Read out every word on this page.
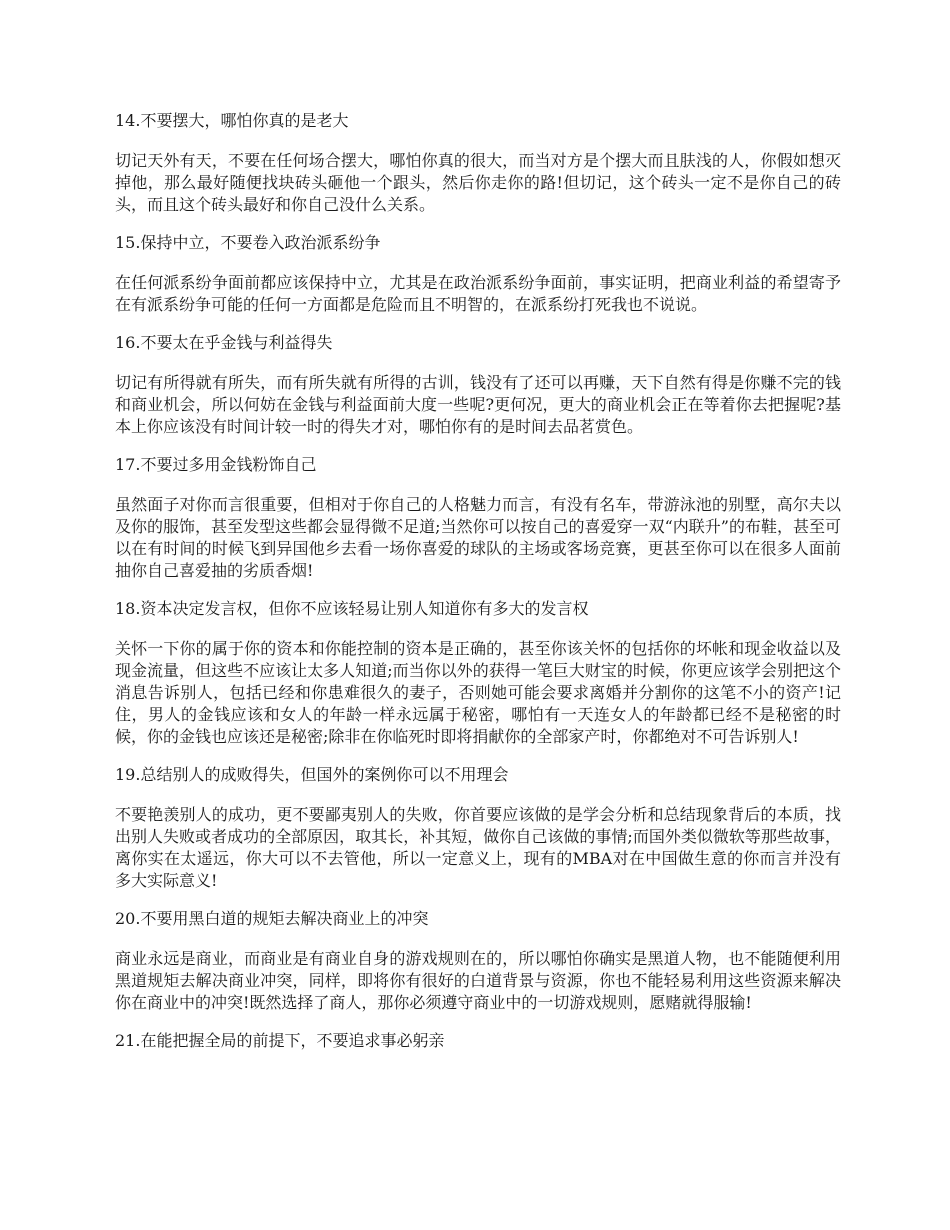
14.不要摆大，哪怕你真的是老大

切记天外有天，不要在任何场合摆大，哪怕你真的很大，而当对方是个摆大而且肤浅的人，你假如想灭掉他，那么最好随便找块砖头砸他一个跟头，然后你走你的路!但切记，这个砖头一定不是你自己的砖头，而且这个砖头最好和你自己没什么关系。

15.保持中立，不要卷入政治派系纷争

在任何派系纷争面前都应该保持中立，尤其是在政治派系纷争面前，事实证明，把商业利益的希望寄予在有派系纷争可能的任何一方面都是危险而且不明智的，在派系纷打死我也不说说。

16.不要太在乎金钱与利益得失

切记有所得就有所失，而有所失就有所得的古训，钱没有了还可以再赚，天下自然有得是你赚不完的钱和商业机会，所以何妨在金钱与利益面前大度一些呢?更何况，更大的商业机会正在等着你去把握呢?基本上你应该没有时间计较一时的得失才对，哪怕你有的是时间去品茗赏色。

17.不要过多用金钱粉饰自己

虽然面子对你而言很重要，但相对于你自己的人格魅力而言，有没有名车，带游泳池的别墅，高尔夫以及你的服饰，甚至发型这些都会显得微不足道;当然你可以按自己的喜爱穿一双“内联升”的布鞋，甚至可以在有时间的时候飞到异国他乡去看一场你喜爱的球队的主场或客场竞赛，更甚至你可以在很多人面前抽你自己喜爱抽的劣质香烟!

18.资本决定发言权，但你不应该轻易让别人知道你有多大的发言权

关怀一下你的属于你的资本和你能控制的资本是正确的，甚至你该关怀的包括你的坏帐和现金收益以及现金流量，但这些不应该让太多人知道;而当你以外的获得一笔巨大财宝的时候，你更应该学会别把这个消息告诉别人，包括已经和你患难很久的妻子，否则她可能会要求离婚并分割你的这笔不小的资产!记住，男人的金钱应该和女人的年龄一样永远属于秘密，哪怕有一天连女人的年龄都已经不是秘密的时候，你的金钱也应该还是秘密;除非在你临死时即将捐献你的全部家产时，你都绝对不可告诉别人!

19.总结别人的成败得失，但国外的案例你可以不用理会

不要艳羡别人的成功，更不要鄙夷别人的失败，你首要应该做的是学会分析和总结现象背后的本质，找出别人失败或者成功的全部原因，取其长，补其短，做你自己该做的事情;而国外类似微软等那些故事，离你实在太遥远，你大可以不去管他，所以一定意义上，现有的MBA对在中国做生意的你而言并没有多大实际意义!

20.不要用黑白道的规矩去解决商业上的冲突

商业永远是商业，而商业是有商业自身的游戏规则在的，所以哪怕你确实是黑道人物，也不能随便利用黑道规矩去解决商业冲突，同样，即将你有很好的白道背景与资源，你也不能轻易利用这些资源来解决你在商业中的冲突!既然选择了商人，那你必须遵守商业中的一切游戏规则，愿赌就得服输!

21.在能把握全局的前提下，不要追求事必躬亲
